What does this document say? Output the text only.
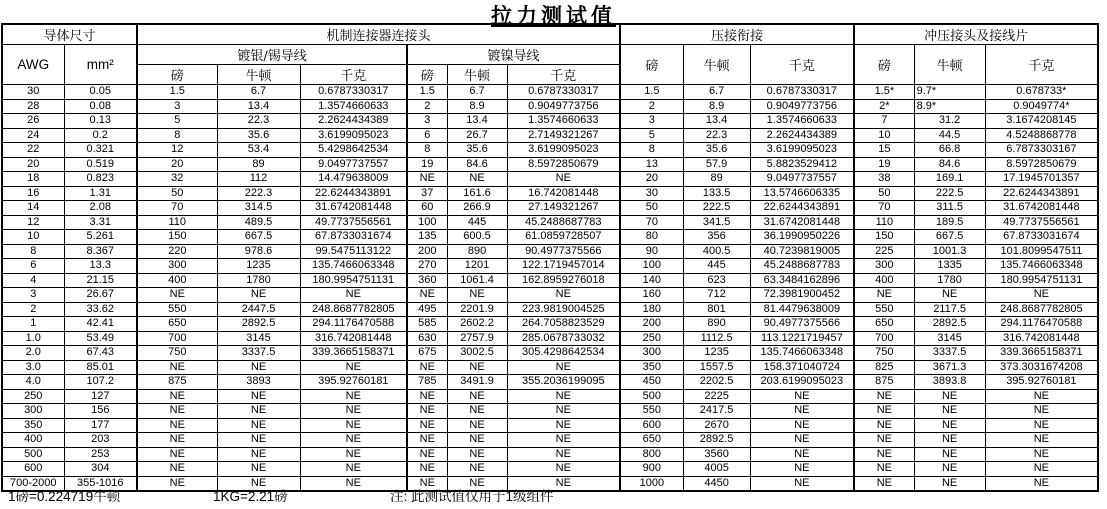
拉力测试值
导体尺寸		机制连接器连接头						压接衔接			冲压接头及接线片		
AWG	mm²	镀银/锡导线			镀镍导线			磅	牛顿	千克	磅	牛顿	千克
		磅	牛顿	千克	磅	牛顿	千克						
30	0.05	1.5	6.7	0.6787330317	1.5	6.7	0.6787330317	1.5	6.7	0.6787330317	1.5*	9.7*	0.678733*
28	0.08	3	13.4	1.3574660633	2	8.9	0.9049773756	2	8.9	0.9049773756	2*	8.9*	0.9049774*
26	0.13	5	22.3	2.2624434389	3	13.4	1.3574660633	3	13.4	1.3574660633	7	31.2	3.1674208145
24	0.2	8	35.6	3.6199095023	6	26.7	2.7149321267	5	22.3	2.2624434389	10	44.5	4.5248868778
22	0.321	12	53.4	5.4298642534	8	35.6	3.6199095023	8	35.6	3.6199095023	15	66.8	6.7873303167
20	0.519	20	89	9.0497737557	19	84.6	8.5972850679	13	57.9	5.8823529412	19	84.6	8.5972850679
18	0.823	32	112	14.479638009	NE	NE	NE	20	89	9.0497737557	38	169.1	17.1945701357
16	1.31	50	222.3	22.6244343891	37	161.6	16.742081448	30	133.5	13.5746606335	50	222.5	22.6244343891
14	2.08	70	314.5	31.6742081448	60	266.9	27.149321267	50	222.5	22.6244343891	70	311.5	31.6742081448
12	3.31	110	489.5	49.7737556561	100	445	45.2488687783	70	341.5	31.6742081448	110	189.5	49.7737556561
10	5.261	150	667.5	67.8733031674	135	600.5	61.0859728507	80	356	36.1990950226	150	667.5	67.8733031674
8	8.367	220	978.6	99.5475113122	200	890	90.4977375566	90	400.5	40.7239819005	225	1001.3	101.8099547511
6	13.3	300	1235	135.7466063348	270	1201	122.1719457014	100	445	45.2488687783	300	1335	135.7466063348
4	21.15	400	1780	180.9954751131	360	1061.4	162.8959276018	140	623	63.3484162896	400	1780	180.9954751131
3	26.67	NE	NE	NE	NE	NE	NE	160	712	72.3981900452	NE	NE	NE
2	33.62	550	2447.5	248.8687782805	495	2201.9	223.9819004525	180	801	81.4479638009	550	2117.5	248.8687782805
1	42.41	650	2892.5	294.1176470588	585	2602.2	264.7058823529	200	890	90.4977375566	650	2892.5	294.1176470588
1.0	53.49	700	3145	316.742081448	630	2757.9	285.0678733032	250	1112.5	113.1221719457	700	3145	316.742081448
2.0	67.43	750	3337.5	339.3665158371	675	3002.5	305.4298642534	300	1235	135.7466063348	750	3337.5	339.3665158371
3.0	85.01	NE	NE	NE	NE	NE	NE	350	1557.5	158.371040724	825	3671.3	373.3031674208
4.0	107.2	875	3893	395.92760181	785	3491.9	355.2036199095	450	2202.5	203.6199095023	875	3893.8	395.92760181
250	127	NE	NE	NE	NE	NE	NE	500	2225	NE	NE	NE	NE
300	156	NE	NE	NE	NE	NE	NE	550	2417.5	NE	NE	NE	NE
350	177	NE	NE	NE	NE	NE	NE	600	2670	NE	NE	NE	NE
400	203	NE	NE	NE	NE	NE	NE	650	2892.5	NE	NE	NE	NE
500	253	NE	NE	NE	NE	NE	NE	800	3560	NE	NE	NE	NE
600	304	NE	NE	NE	NE	NE	NE	900	4005	NE	NE	NE	NE
700-2000	355-1016	NE	NE	NE	NE	NE	NE	1000	4450	NE	NE	NE	NE
1磅=0.224719牛顿	1KG=2.21磅	注: 此测试值仅用于1级组件
